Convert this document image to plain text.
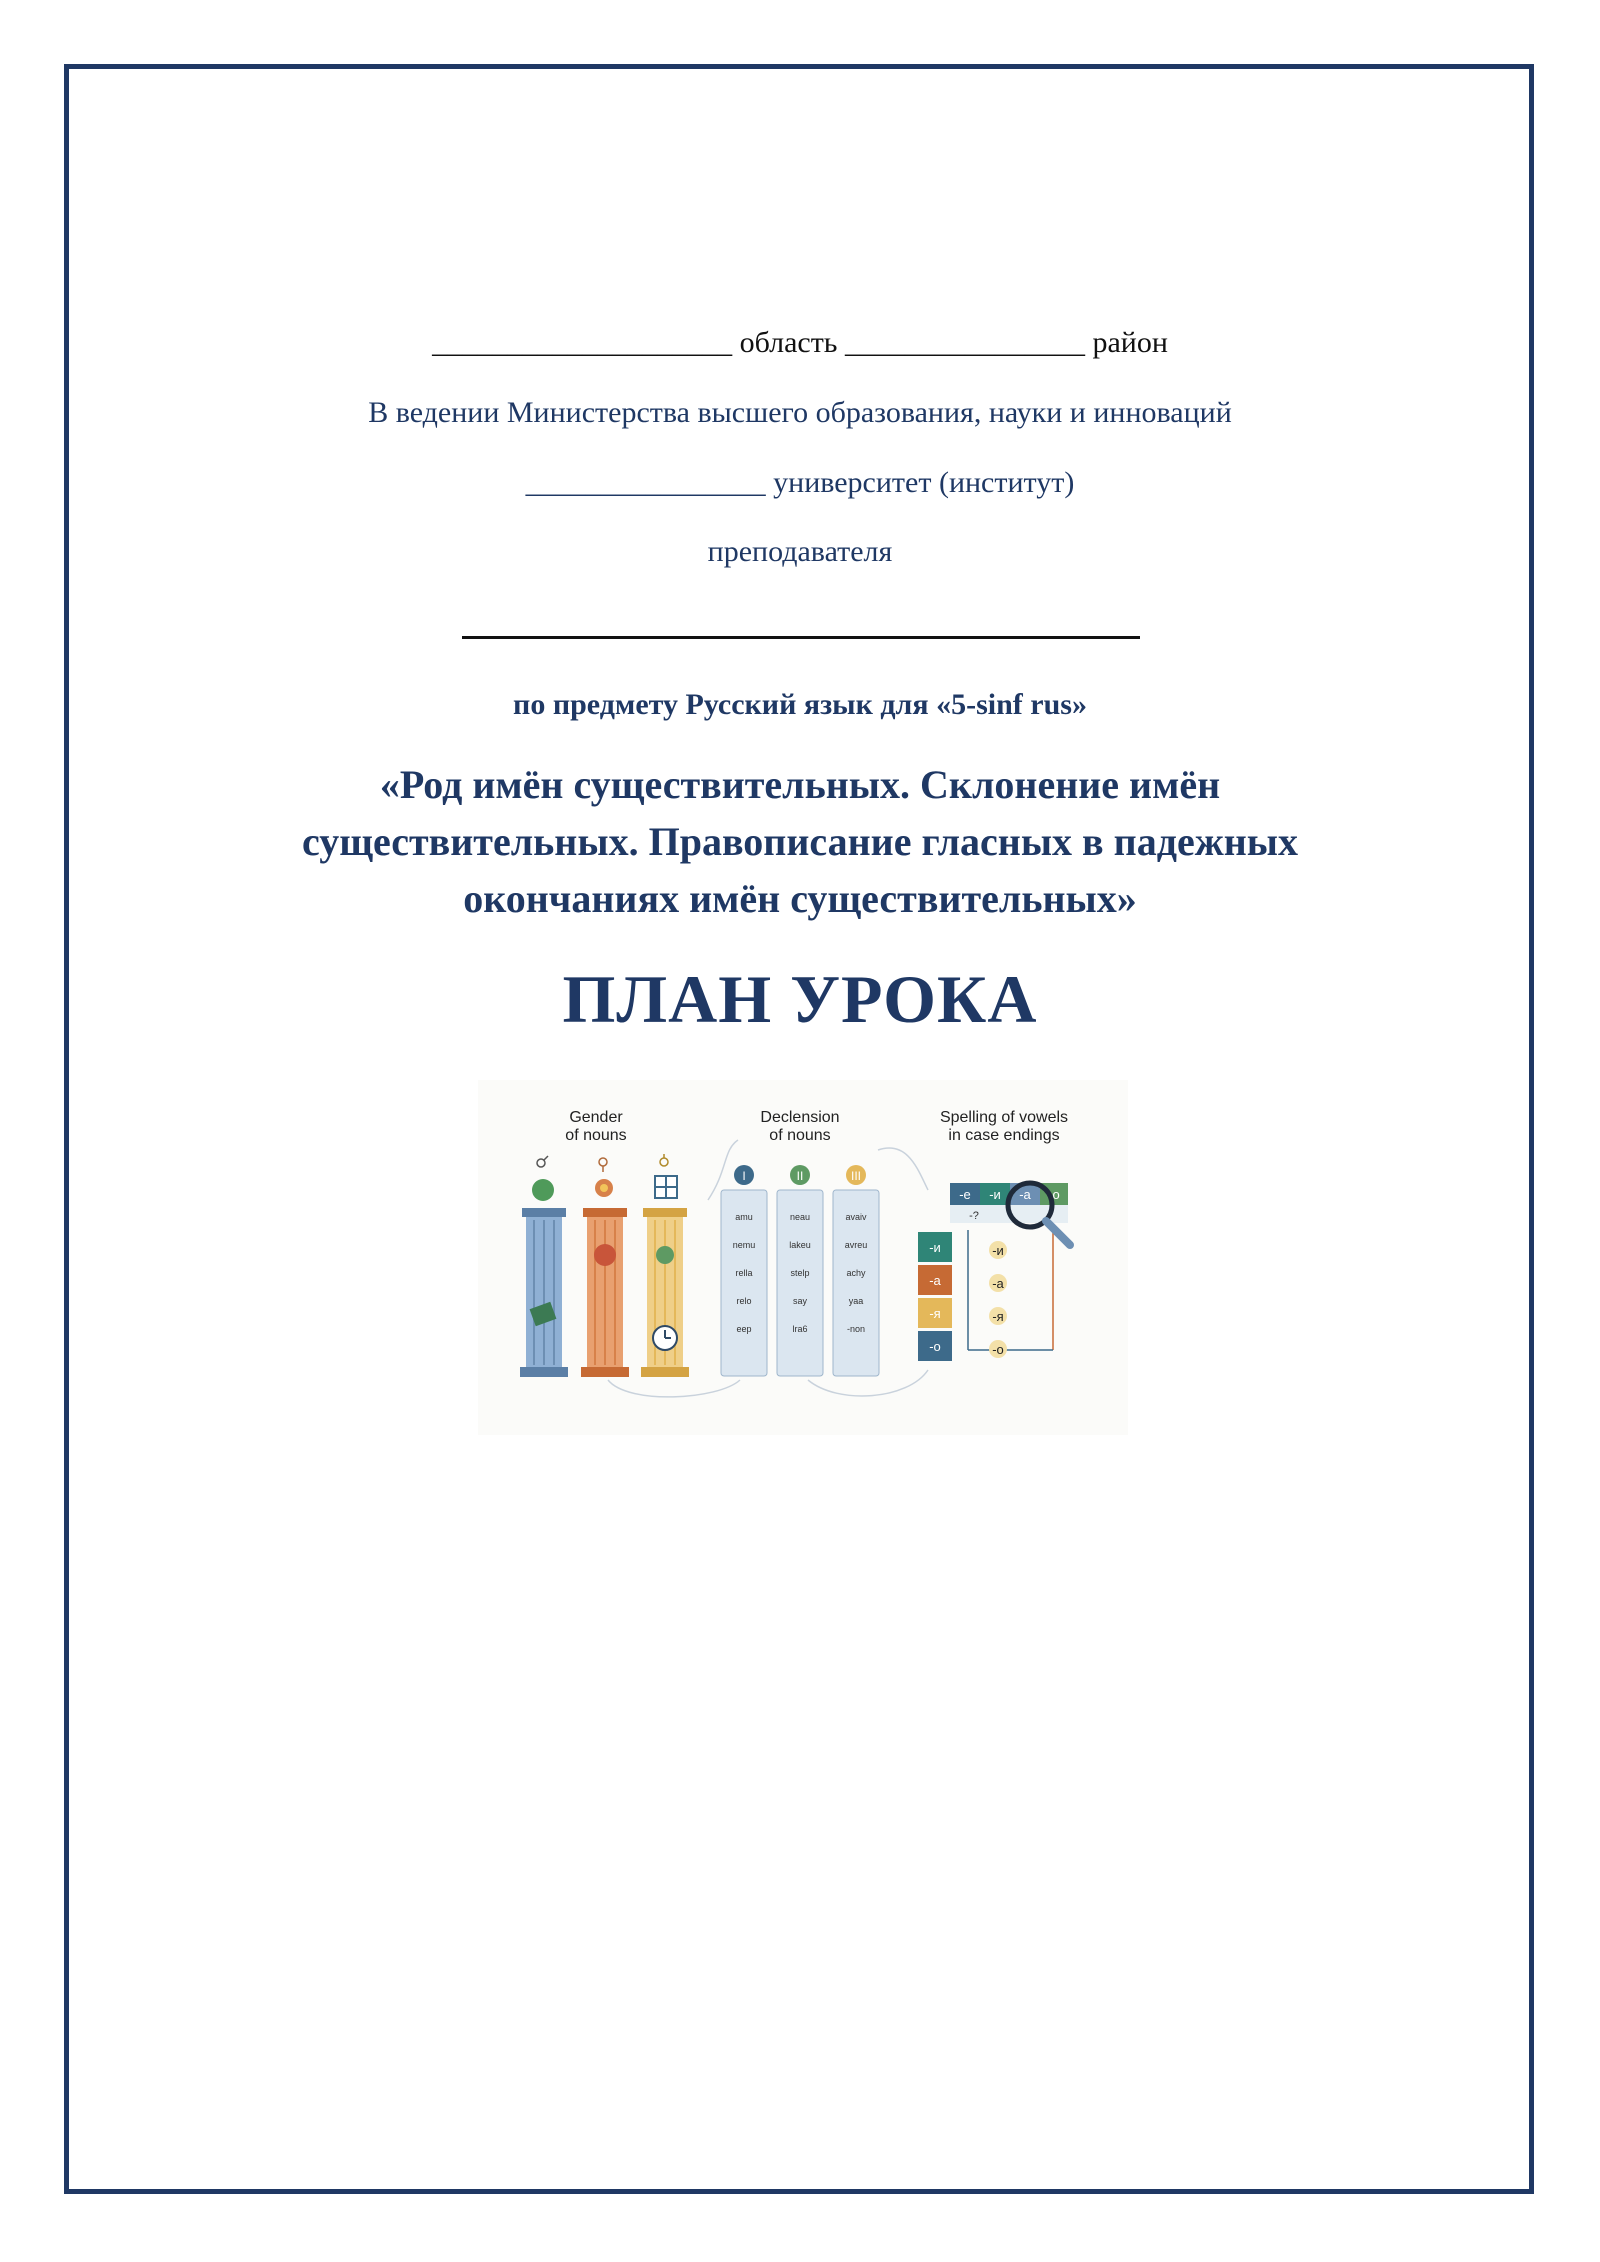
____________________ область ________________ район
В ведении Министерства высшего образования, науки и инноваций
________________ университет (институт)
преподавателя
по предмету Русский язык для «5-sinf rus»
«Род имён существительных. Склонение имён существительных. Правописание гласных в падежных окончаниях имён существительных»
ПЛАН УРОКА
Gender
of nouns
Declension
of nouns
Spelling of vowels
in case endings
I
amu
nemu
rella
relo
eep
II
neau
lakeu
stelp
say
lra6
III
avaiv
avreu
achy
yaa
-non
-e -и -а -о
-?
-и
-а
-я
-о
-и
-а
-я
-о
